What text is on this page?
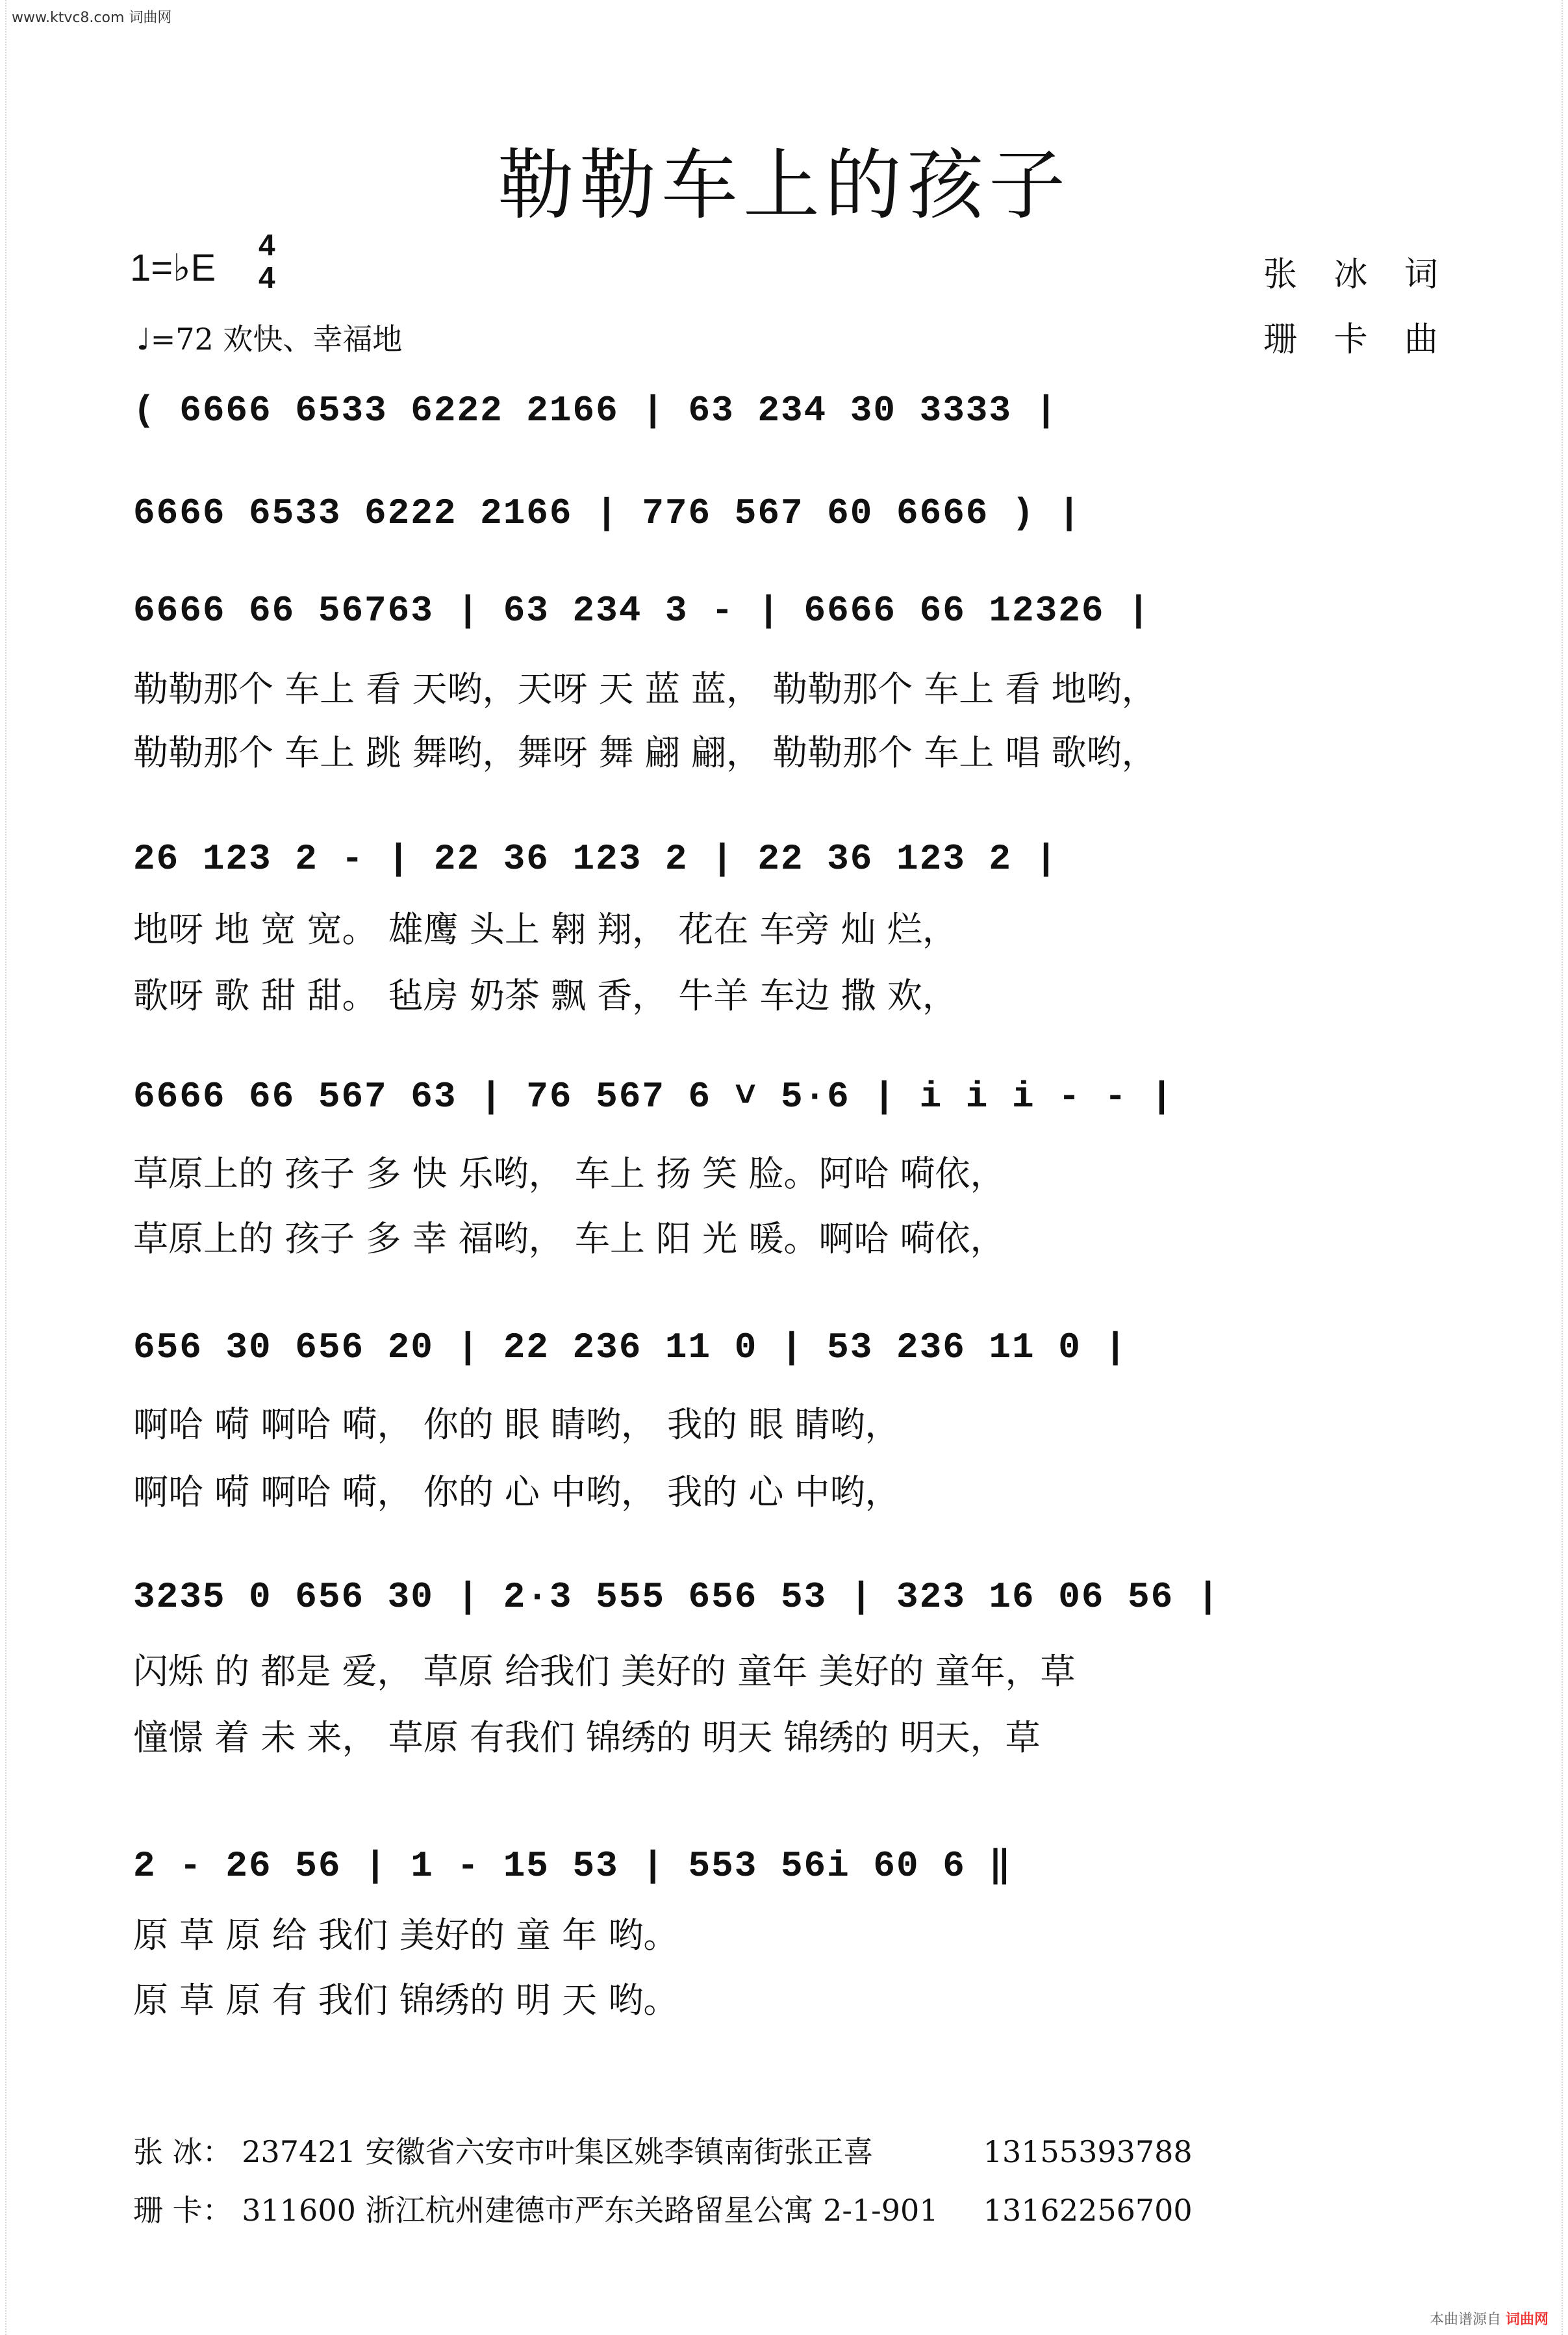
www.ktvc8.com 词曲网
勒勒车上的孩子
1=♭E
4
4
♩=72 欢快、幸福地
张 冰 词
珊 卡 曲
( 6666 6533 6222 2166 | 63 234 30 3333 |
6666 6533 6222 2166 | 776 567 60 6666 ) |
6666 66 56763 | 63 234 3 - | 6666 66 12326 |
勒勒那个 车上 看 天哟，天呀 天 蓝 蓝， 勒勒那个 车上 看 地哟，
勒勒那个 车上 跳 舞哟，舞呀 舞 翩 翩， 勒勒那个 车上 唱 歌哟，
26 123 2 - | 22 36 123 2 | 22 36 123 2 |
地呀 地 宽 宽。 雄鹰 头上 翱 翔， 花在 车旁 灿 烂，
歌呀 歌 甜 甜。 毡房 奶茶 飘 香， 牛羊 车边 撒 欢，
6666 66 567 63 | 76 567 6 ˅ 5·6 | i i i - - |
草原上的 孩子 多 快 乐哟， 车上 扬 笑 脸。阿哈 嗬依，
草原上的 孩子 多 幸 福哟， 车上 阳 光 暖。啊哈 嗬依，
656 30 656 20 | 22 236 11 0 | 53 236 11 0 |
啊哈 嗬 啊哈 嗬， 你的 眼 睛哟， 我的 眼 睛哟，
啊哈 嗬 啊哈 嗬， 你的 心 中哟， 我的 心 中哟，
3235 0 656 30 | 2·3 555 656 53 | 323 16 06 56 |
闪烁 的 都是 爱， 草原 给我们 美好的 童年 美好的 童年，草
憧憬 着 未 来， 草原 有我们 锦绣的 明天 锦绣的 明天，草
2 - 26 56 | 1 - 15 53 | 553 56i 60 6 ‖
原 草 原 给 我们 美好的 童 年 哟。
原 草 原 有 我们 锦绣的 明 天 哟。
张 冰： 237421 安徽省六安市叶集区姚李镇南街张正喜	13155393788
珊 卡： 311600 浙江杭州建德市严东关路留星公寓 2-1-901 13162256700
本曲谱源自 词曲网
